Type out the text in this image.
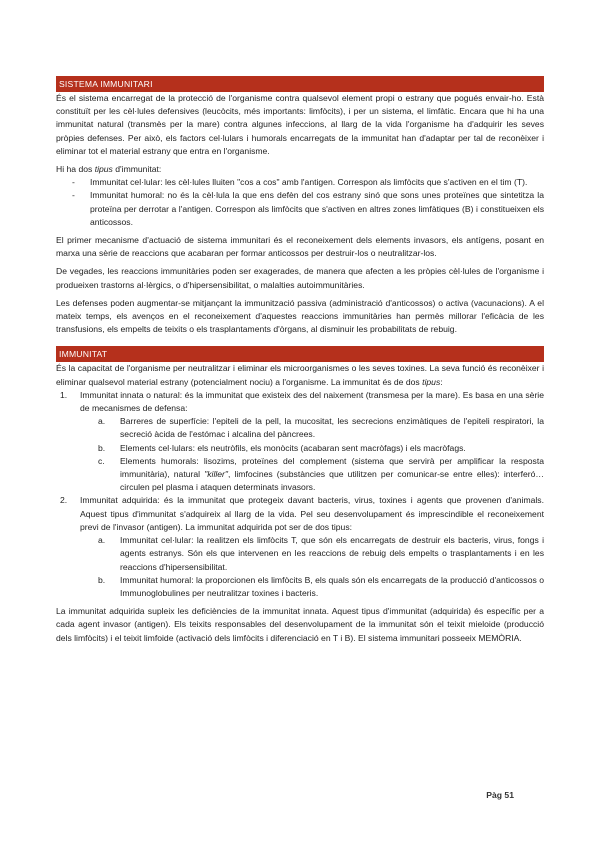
SISTEMA IMMUNITARI

És el sistema encarregat de la protecció de l'organisme contra qualsevol element propi o estrany que pogués envair-ho. Està constituït per les cèl·lules defensives (leucòcits, més importants: limfòcits), i per un sistema, el limfàtic. Encara que hi ha una immunitat natural (transmès per la mare) contra algunes infeccions, al llarg de la vida l'organisme ha d'adquirir les seves pròpies defenses. Per això, els factors cel·lulars i humorals encarregats de la immunitat han d'adaptar per tal de reconèixer i eliminar tot el material estrany que entra en l'organisme.

Hi ha dos tipus d'immunitat:

- Immunitat cel·lular: les cèl·lules lluiten "cos a cos" amb l'antigen. Correspon als limfòcits que s'activen en el tim (T).
- Immunitat humoral: no és la cèl·lula la que ens defèn del cos estrany sinó que sons unes proteïnes que sintetitza la proteïna per derrotar a l'antigen. Correspon als limfòcits que s'activen en altres zones limfàtiques (B) i constitueixen els anticossos.

El primer mecanisme d'actuació de sistema immunitari és el reconeixement dels elements invasors, els antígens, posant en marxa una sèrie de reaccions que acabaran per formar anticossos per destruir-los o neutralitzar-los.

De vegades, les reaccions immunitàries poden ser exagerades, de manera que afecten a les pròpies cèl·lules de l'organisme i produeixen trastorns al·lèrgics, o d'hipersensibilitat, o malalties autoimmunitàries.

Les defenses poden augmentar-se mitjançant la immunització passiva (administració d'anticossos) o activa (vacunacions). A el mateix temps, els avenços en el reconeixement d'aquestes reaccions immunitàries han permès millorar l'eficàcia de les transfusions, els empelts de teixits o els trasplantaments d'òrgans, al disminuir les probabilitats de rebuig.

IMMUNITAT

És la capacitat de l'organisme per neutralitzar i eliminar els microorganismes o les seves toxines. La seva funció és reconèixer i eliminar qualsevol material estrany (potencialment nociu) a l'organisme. La immunitat és de dos tipus:

1. Immunitat innata o natural: és la immunitat que existeix des del naixement (transmesa per la mare). Es basa en una sèrie de mecanismes de defensa:
a. Barreres de superfície: l'epiteli de la pell, la mucositat, les secrecions enzimàtiques de l'epiteli respiratori, la secreció àcida de l'estómac i alcalina del pàncrees.
b. Elements cel·lulars: els neutròfils, els monòcits (acabaran sent macròfags) i els macròfags.
c. Elements humorals: lisozims, proteïnes del complement (sistema que servirà per amplificar la resposta immunitària), natural "killer", limfocines (substàncies que utilitzen per comunicar-se entre elles): interferó…circulen pel plasma i ataquen determinats invasors.
2. Immunitat adquirida: és la immunitat que protegeix davant bacteris, virus, toxines i agents que provenen d'animals. Aquest tipus d'immunitat s'adquireix al llarg de la vida. Pel seu desenvolupament és imprescindible el reconeixement previ de l'invasor (antigen). La immunitat adquirida pot ser de dos tipus:
a. Immunitat cel·lular: la realitzen els limfòcits T, que són els encarregats de destruir els bacteris, virus, fongs i agents estranys. Són els que intervenen en les reaccions de rebuig dels empelts o trasplantaments i en les reaccions d'hipersensibilitat.
b. Immunitat humoral: la proporcionen els limfòcits B, els quals són els encarregats de la producció d'anticossos o Immunoglobulines per neutralitzar toxines i bacteris.

La immunitat adquirida supleix les deficiències de la immunitat innata. Aquest tipus d'immunitat (adquirida) és específic per a cada agent invasor (antigen). Els teixits responsables del desenvolupament de la immunitat són el teixit mieloide (producció dels limfòcits) i el teixit limfoide (activació dels limfòcits i diferenciació en T i B). El sistema immunitari posseeix MEMÒRIA.

Pàg 51
